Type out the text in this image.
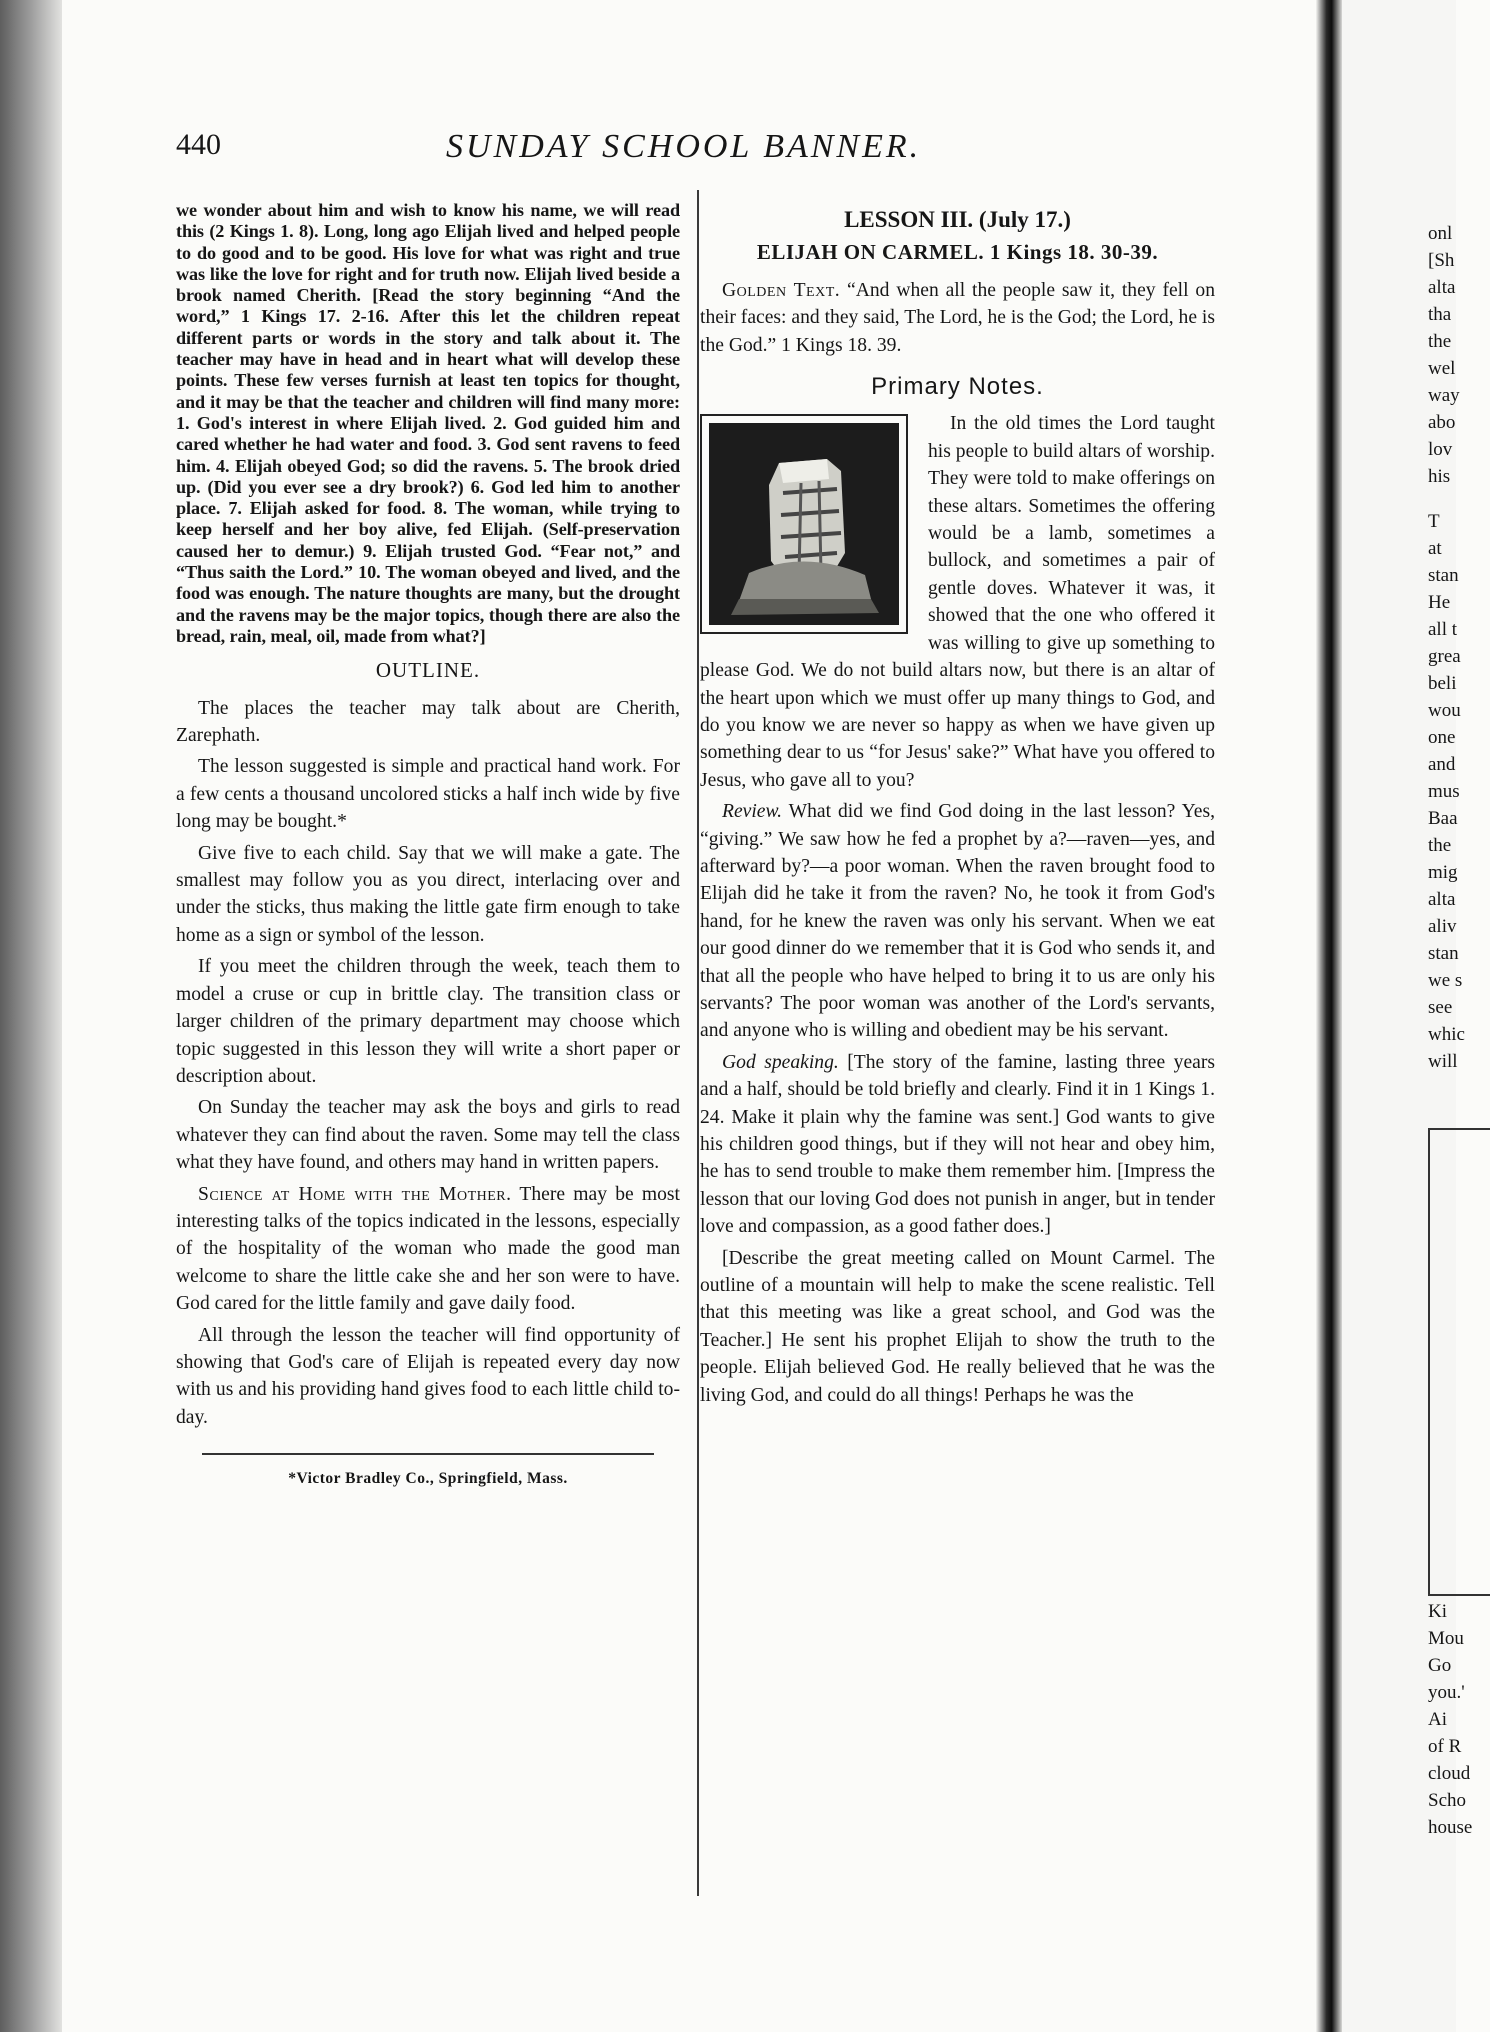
440	SUNDAY SCHOOL BANNER.

we wonder about him and wish to know his name, we will read this (2 Kings 1. 8). Long, long ago Elijah lived and helped people to do good and to be good. His love for what was right and true was like the love for right and for truth now. Elijah lived beside a brook named Cherith. [Read the story beginning “And the word,” 1 Kings 17. 2-16. After this let the children repeat different parts or words in the story and talk about it. The teacher may have in head and in heart what will develop these points. These few verses furnish at least ten topics for thought, and it may be that the teacher and children will find many more: 1. God's interest in where Elijah lived. 2. God guided him and cared whether he had water and food. 3. God sent ravens to feed him. 4. Elijah obeyed God; so did the ravens. 5. The brook dried up. (Did you ever see a dry brook?) 6. God led him to another place. 7. Elijah asked for food. 8. The woman, while trying to keep herself and her boy alive, fed Elijah. (Self-preservation caused her to demur.) 9. Elijah trusted God. “Fear not,” and “Thus saith the Lord.” 10. The woman obeyed and lived, and the food was enough. The nature thoughts are many, but the drought and the ravens may be the major topics, though there are also the bread, rain, meal, oil, made from what?]

OUTLINE.

The places the teacher may talk about are Cherith, Zarephath.

The lesson suggested is simple and practical hand work. For a few cents a thousand uncolored sticks a half inch wide by five long may be bought.*

Give five to each child. Say that we will make a gate. The smallest may follow you as you direct, interlacing over and under the sticks, thus making the little gate firm enough to take home as a sign or symbol of the lesson.

If you meet the children through the week, teach them to model a cruse or cup in brittle clay. The transition class or larger children of the primary department may choose which topic suggested in this lesson they will write a short paper or description about.

On Sunday the teacher may ask the boys and girls to read whatever they can find about the raven. Some may tell the class what they have found, and others may hand in written papers.

Science at Home with the Mother. There may be most interesting talks of the topics indicated in the lessons, especially of the hospitality of the woman who made the good man welcome to share the little cake she and her son were to have. God cared for the little family and gave daily food.

All through the lesson the teacher will find opportunity of showing that God's care of Elijah is repeated every day now with us and his providing hand gives food to each little child to-day.

*Victor Bradley Co., Springfield, Mass.
LESSON III. (July 17.)
ELIJAH ON CARMEL. 1 Kings 18. 30-39.

Golden Text. “And when all the people saw it, they fell on their faces: and they said, The Lord, he is the God; the Lord, he is the God.” 1 Kings 18. 39.

Primary Notes.

In the old times the Lord taught his people to build altars of worship. They were told to make offerings on these altars. Sometimes the offering would be a lamb, sometimes a bullock, and sometimes a pair of gentle doves. Whatever it was, it showed that the one who offered it was willing to give up something to please God. We do not build altars now, but there is an altar of the heart upon which we must offer up many things to God, and do you know we are never so happy as when we have given up something dear to us “for Jesus' sake?” What have you offered to Jesus, who gave all to you?

Review. What did we find God doing in the last lesson? Yes, “giving.” We saw how he fed a prophet by a?—raven—yes, and afterward by?—a poor woman. When the raven brought food to Elijah did he take it from the raven? No, he took it from God's hand, for he knew the raven was only his servant. When we eat our good dinner do we remember that it is God who sends it, and that all the people who have helped to bring it to us are only his servants? The poor woman was another of the Lord's servants, and anyone who is willing and obedient may be his servant.

God speaking. [The story of the famine, lasting three years and a half, should be told briefly and clearly. Find it in 1 Kings 1. 24. Make it plain why the famine was sent.] God wants to give his children good things, but if they will not hear and obey him, he has to send trouble to make them remember him. [Impress the lesson that our loving God does not punish in anger, but in tender love and compassion, as a good father does.]

[Describe the great meeting called on Mount Carmel. The outline of a mountain will help to make the scene realistic. Tell that this meeting was like a great school, and God was the Teacher.] He sent his prophet Elijah to show the truth to the people. Elijah believed God. He really believed that he was the living God, and could do all things! Perhaps he was the

onl
[Sh
alta
tha
the
wel
way
abo
lov
his
T
at
stan
He
all t
grea
beli
wou
one
and
mus
Baa
the
mig
alta
aliv
stan
we s
see
whic
will
Ki
Mou
Go
you.'
Ai
of R
cloud
Scho
house
